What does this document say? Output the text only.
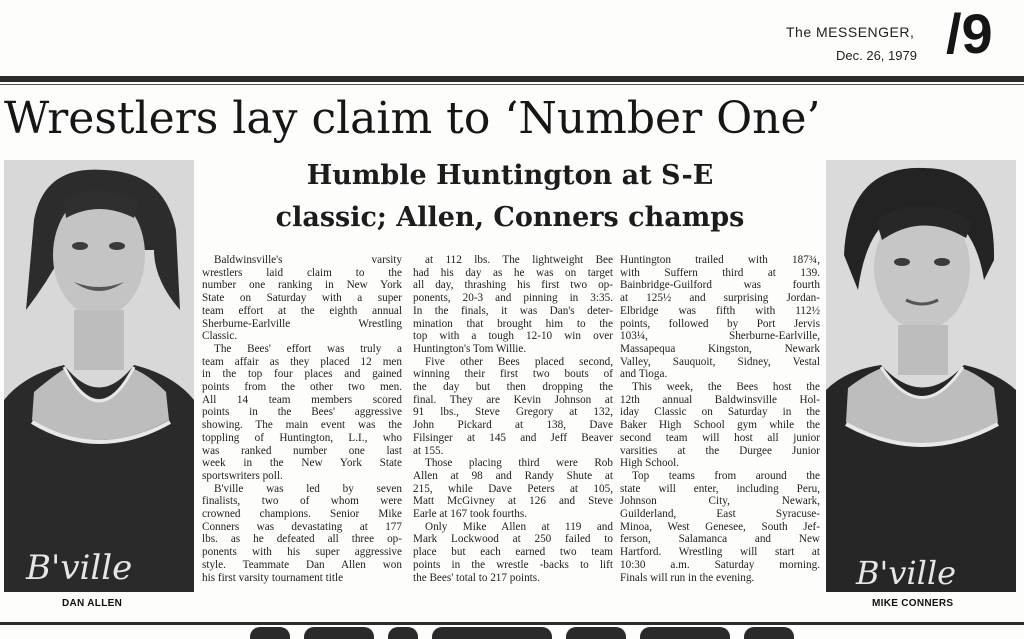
The MESSENGER,
Dec. 26, 1979 /9
Wrestlers lay claim to ‘Number One’
Humble Huntington at S-E
classic; Allen, Conners champs
B'ville
DAN ALLEN
B'ville
MIKE CONNERS
Baldwinsville's varsity
wrestlers laid claim to the
number one ranking in New York
State on Saturday with a super
team effort at the eighth annual
Sherburne-Earlville Wrestling
Classic.
The Bees' effort was truly a
team affair as they placed 12 men
in the top four places and gained
points from the other two men.
All 14 team members scored
points in the Bees' aggressive
showing. The main event was the
toppling of Huntington, L.I., who
was ranked number one last
week in the New York State
sportswriters poll.
B'ville was led by seven
finalists, two of whom were
crowned champions. Senior Mike
Conners was devastating at 177
lbs. as he defeated all three op-
ponents with his super aggressive
style. Teammate Dan Allen won
his first varsity tournament title
at 112 lbs. The lightweight Bee
had his day as he was on target
all day, thrashing his first two op-
ponents, 20-3 and pinning in 3:35.
In the finals, it was Dan's deter-
mination that brought him to the
top with a tough 12-10 win over
Huntington's Tom Willie.
Five other Bees placed second,
winning their first two bouts of
the day but then dropping the
final. They are Kevin Johnson at
91 lbs., Steve Gregory at 132,
John Pickard at 138, Dave
Filsinger at 145 and Jeff Beaver
at 155.
Those placing third were Rob
Allen at 98 and Randy Shute at
215, while Dave Peters at 105,
Matt McGivney at 126 and Steve
Earle at 167 took fourths.
Only Mike Allen at 119 and
Mark Lockwood at 250 failed to
place but each earned two team
points in the wrestle -backs to lift
the Bees' total to 217 points.
Huntington trailed with 187¾,
with Suffern third at 139.
Bainbridge-Guilford was fourth
at 125½ and surprising Jordan-
Elbridge was fifth with 112½
points, followed by Port Jervis
103¼, Sherburne-Earlville,
Massapequa Kingston, Newark
Valley, Sauquoit, Sidney, Vestal
and Tioga.
This week, the Bees host the
12th annual Baldwinsville Hol-
iday Classic on Saturday in the
Baker High School gym while the
second team will host all junior
varsities at the Durgee Junior
High School.
Top teams from around the
state will enter, including Peru,
Johnson City, Newark,
Guilderland, East Syracuse-
Minoa, West Genesee, South Jef-
ferson, Salamanca and New
Hartford. Wrestling will start at
10:30 a.m. Saturday morning.
Finals will run in the evening.
